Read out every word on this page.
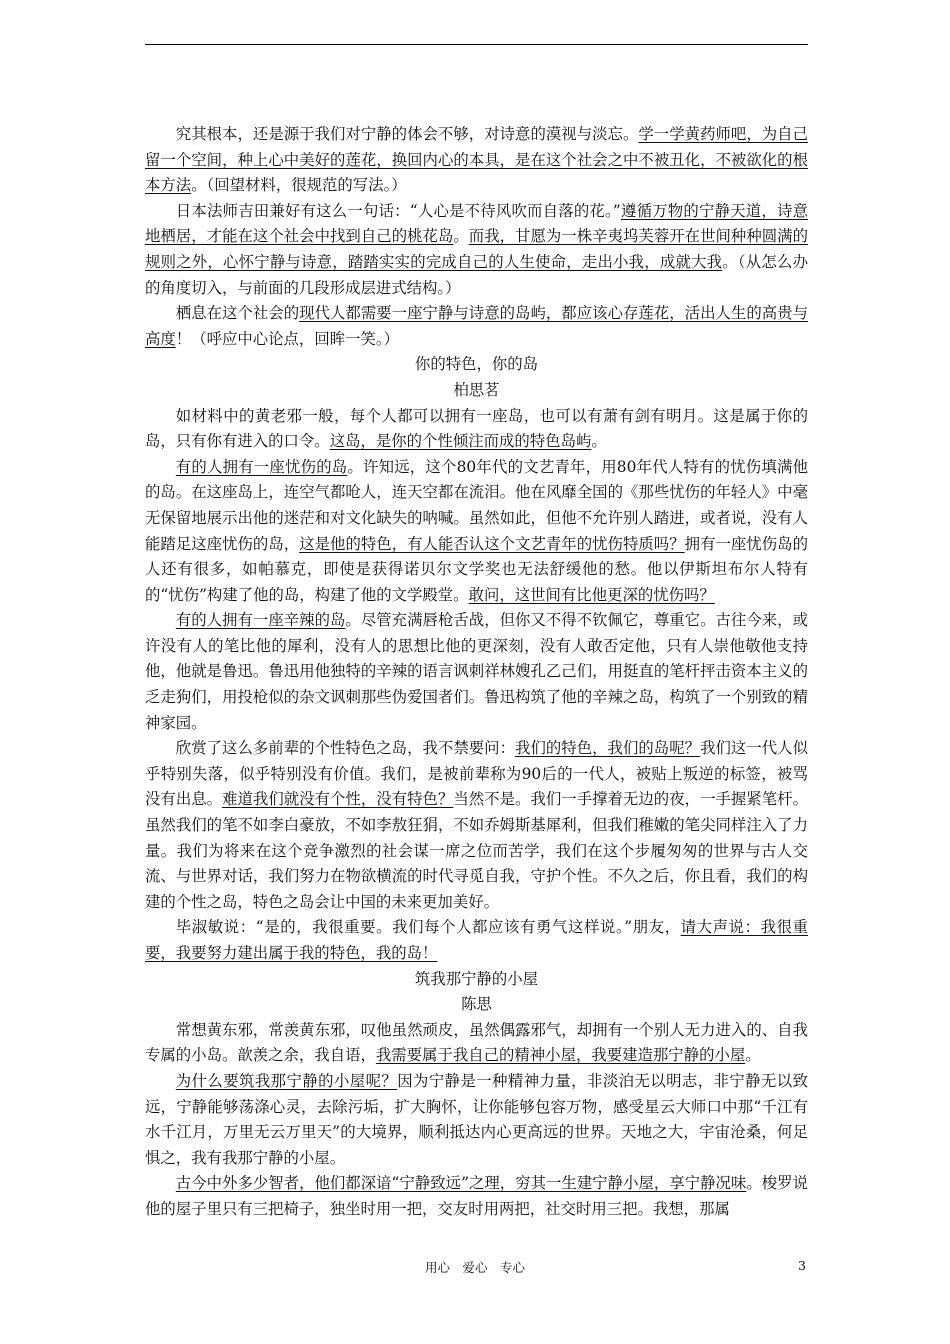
究其根本，还是源于我们对宁静的体会不够，对诗意的漠视与淡忘。学一学黄药师吧，为自己留一个空间，种上心中美好的莲花，换回内心的本具，是在这个社会之中不被丑化，不被欲化的根本方法。（回望材料，很规范的写法。）

日本法师吉田兼好有这么一句话：“人心是不待风吹而自落的花。”遵循万物的宁静天道，诗意地栖居，才能在这个社会中找到自己的桃花岛。而我，甘愿为一株辛夷坞芙蓉开在世间种种圆满的规则之外，心怀宁静与诗意，踏踏实实的完成自己的人生使命，走出小我，成就大我。（从怎么办的角度切入，与前面的几段形成层进式结构。）

栖息在这个社会的现代人都需要一座宁静与诗意的岛屿，都应该心存莲花，活出人生的高贵与高度！（呼应中心论点，回眸一笑。）

你的特色，你的岛

柏思茗

如材料中的黄老邪一般，每个人都可以拥有一座岛，也可以有萧有剑有明月。这是属于你的岛，只有你有进入的口令。这岛，是你的个性倾注而成的特色岛屿。

有的人拥有一座忧伤的岛。许知远，这个80年代的文艺青年，用80年代人特有的忧伤填满他的岛。在这座岛上，连空气都呛人，连天空都在流泪。他在风靡全国的《那些忧伤的年轻人》中毫无保留地展示出他的迷茫和对文化缺失的呐喊。虽然如此，但他不允许别人踏进，或者说，没有人能踏足这座忧伤的岛，这是他的特色，有人能否认这个文艺青年的忧伤特质吗？拥有一座忧伤岛的人还有很多，如帕慕克，即使是获得诺贝尔文学奖也无法舒缓他的愁。他以伊斯坦布尔人特有的“忧伤”构建了他的岛，构建了他的文学殿堂。敢问，这世间有比他更深的忧伤吗？

有的人拥有一座辛辣的岛。尽管充满唇枪舌战，但你又不得不钦佩它，尊重它。古往今来，或许没有人的笔比他的犀利，没有人的思想比他的更深刻，没有人敢否定他，只有人崇他敬他支持他，他就是鲁迅。鲁迅用他独特的辛辣的语言讽刺祥林嫂孔乙己们，用挺直的笔杆抨击资本主义的乏走狗们，用投枪似的杂文讽刺那些伪爱国者们。鲁迅构筑了他的辛辣之岛，构筑了一个别致的精神家园。

欣赏了这么多前辈的个性特色之岛，我不禁要问：我们的特色，我们的岛呢？我们这一代人似乎特别失落，似乎特别没有价值。我们，是被前辈称为90后的一代人，被贴上叛逆的标签，被骂没有出息。难道我们就没有个性，没有特色？当然不是。我们一手撑着无边的夜，一手握紧笔杆。虽然我们的笔不如李白豪放，不如李敖狂狷，不如乔姆斯基犀利，但我们稚嫩的笔尖同样注入了力量。我们为将来在这个竞争激烈的社会谋一席之位而苦学，我们在这个步履匆匆的世界与古人交流、与世界对话，我们努力在物欲横流的时代寻觅自我，守护个性。不久之后，你且看，我们的构建的个性之岛，特色之岛会让中国的未来更加美好。

毕淑敏说：“是的，我很重要。我们每个人都应该有勇气这样说。”朋友，请大声说：我很重要，我要努力建出属于我的特色，我的岛！

筑我那宁静的小屋

陈思

常想黄东邪，常羡黄东邪，叹他虽然顽皮，虽然偶露邪气，却拥有一个别人无力进入的、自我专属的小岛。歆羡之余，我自语，我需要属于我自己的精神小屋，我要建造那宁静的小屋。

为什么要筑我那宁静的小屋呢？因为宁静是一种精神力量，非淡泊无以明志，非宁静无以致远，宁静能够荡涤心灵，去除污垢，扩大胸怀，让你能够包容万物，感受星云大师口中那“千江有水千江月，万里无云万里天”的大境界，顺利抵达内心更高远的世界。天地之大，宇宙沧桑，何足惧之，我有我那宁静的小屋。

古今中外多少智者，他们都深谙“宁静致远”之理，穷其一生建宁静小屋，享宁静况味。梭罗说他的屋子里只有三把椅子，独坐时用一把，交友时用两把，社交时用三把。我想，那属

用心　爱心　专心	3
